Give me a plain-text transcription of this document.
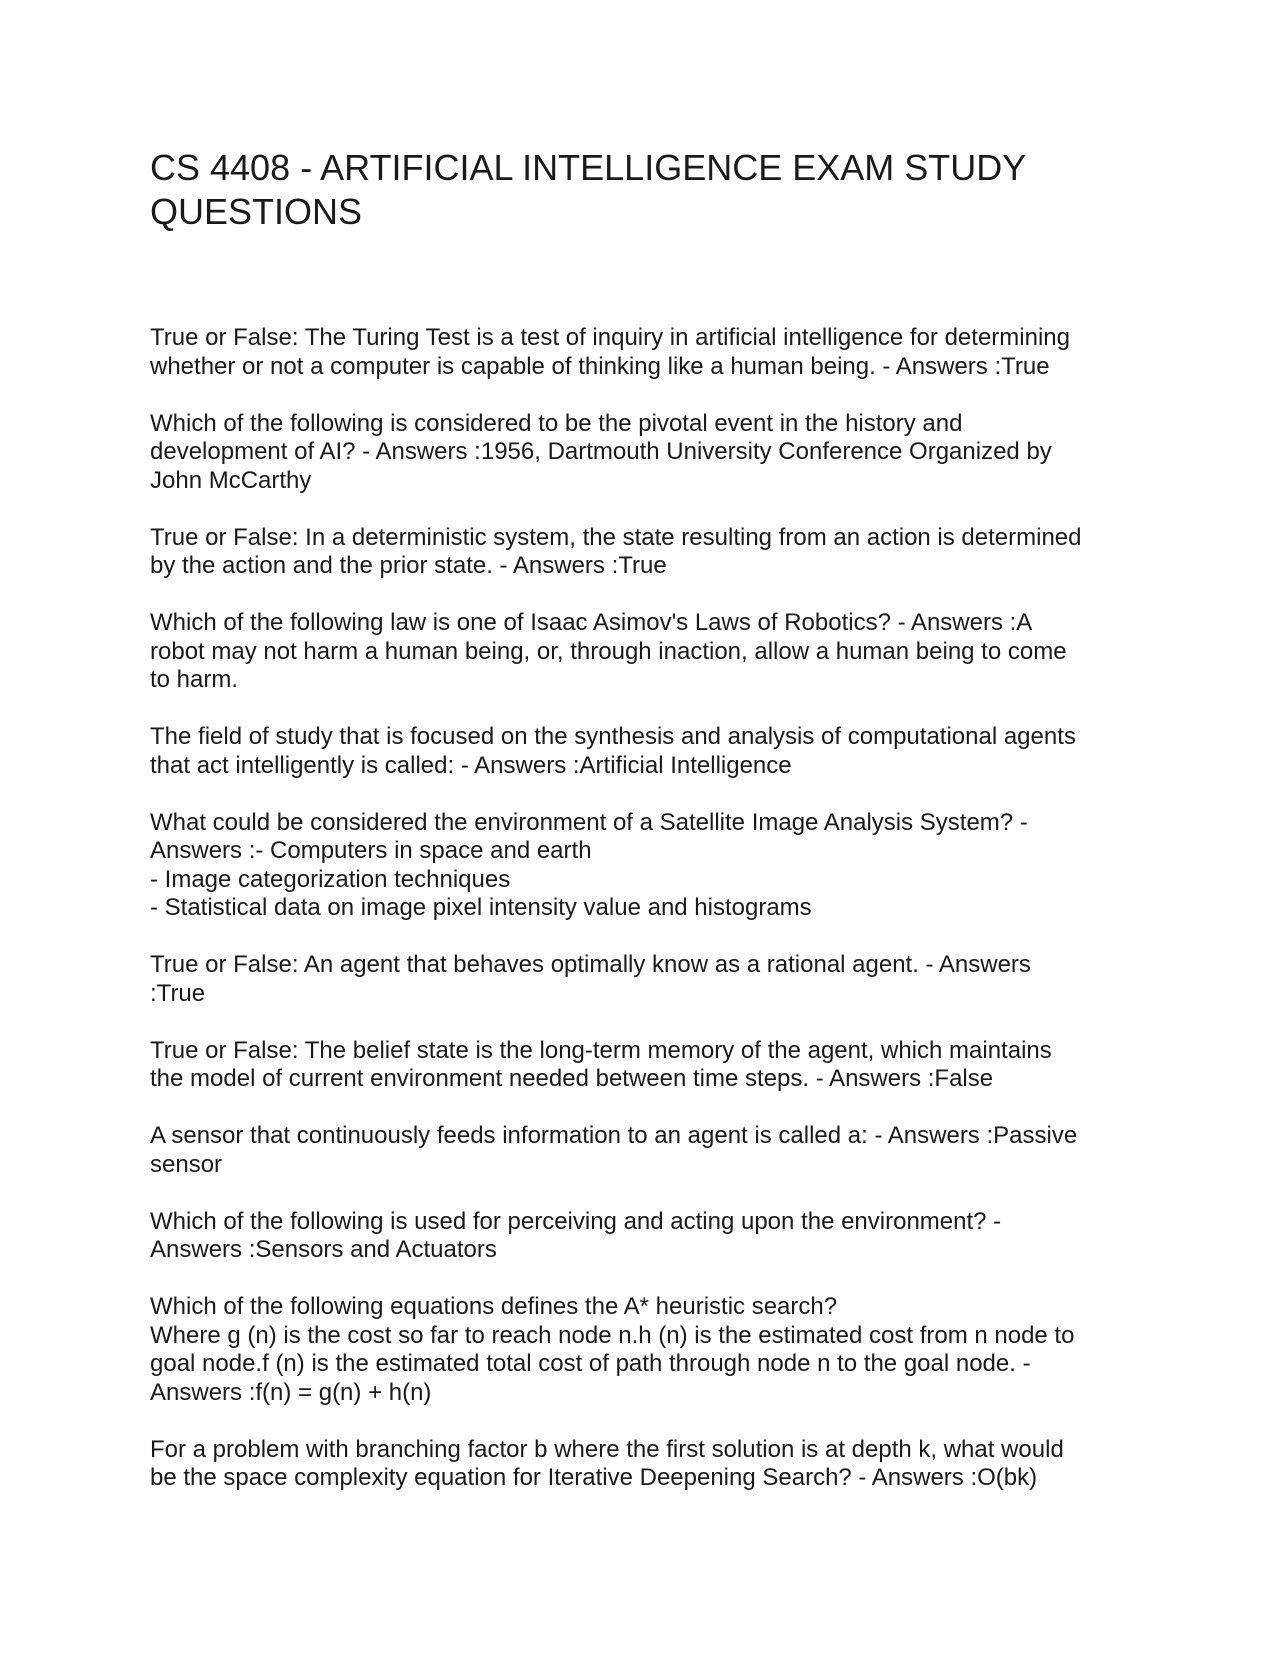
CS 4408 - ARTIFICIAL INTELLIGENCE EXAM STUDY
QUESTIONS

True or False: The Turing Test is a test of inquiry in artificial intelligence for determining
whether or not a computer is capable of thinking like a human being. - Answers :True

Which of the following is considered to be the pivotal event in the history and
development of AI? - Answers :1956, Dartmouth University Conference Organized by
John McCarthy

True or False: In a deterministic system, the state resulting from an action is determined
by the action and the prior state. - Answers :True

Which of the following law is one of Isaac Asimov's Laws of Robotics? - Answers :A
robot may not harm a human being, or, through inaction, allow a human being to come
to harm.

The field of study that is focused on the synthesis and analysis of computational agents
that act intelligently is called: - Answers :Artificial Intelligence

What could be considered the environment of a Satellite Image Analysis System? -
Answers :- Computers in space and earth
- Image categorization techniques
- Statistical data on image pixel intensity value and histograms

True or False: An agent that behaves optimally know as a rational agent. - Answers
:True

True or False: The belief state is the long-term memory of the agent, which maintains
the model of current environment needed between time steps. - Answers :False

A sensor that continuously feeds information to an agent is called a: - Answers :Passive
sensor

Which of the following is used for perceiving and acting upon the environment? -
Answers :Sensors and Actuators

Which of the following equations defines the A* heuristic search?
Where g (n) is the cost so far to reach node n.h (n) is the estimated cost from n node to
goal node.f (n) is the estimated total cost of path through node n to the goal node. -
Answers :f(n) = g(n) + h(n)

For a problem with branching factor b where the first solution is at depth k, what would
be the space complexity equation for Iterative Deepening Search? - Answers :O(bk)
